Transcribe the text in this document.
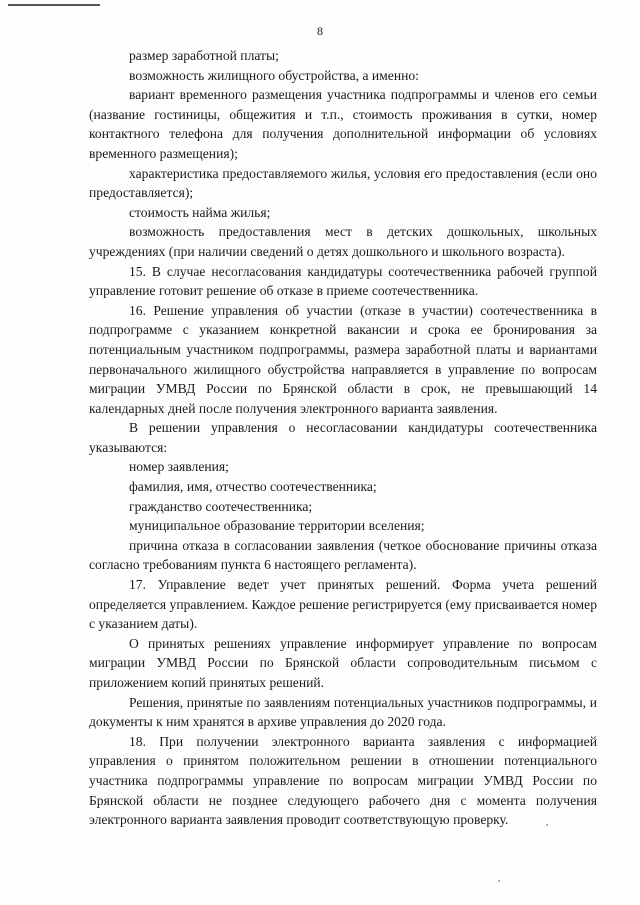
8

размер заработной платы;

возможность жилищного обустройства, а именно:

вариант временного размещения участника подпрограммы и членов его семьи (название гостиницы, общежития и т.п., стоимость проживания в сутки, номер контактного телефона для получения дополнительной информации об условиях временного размещения);

характеристика предоставляемого жилья, условия его предоставления (если оно предоставляется);

стоимость найма жилья;

возможность предоставления мест в детских дошкольных, школьных учреждениях (при наличии сведений о детях дошкольного и школьного возраста).

15. В случае несогласования кандидатуры соотечественника рабочей группой управление готовит решение об отказе в приеме соотечественника.

16. Решение управления об участии (отказе в участии) соотечественника в подпрограмме с указанием конкретной вакансии и срока ее бронирования за потенциальным участником подпрограммы, размера заработной платы и вариантами первоначального жилищного обустройства направляется в управление по вопросам миграции УМВД России по Брянской области в срок, не превышающий 14 календарных дней после получения электронного варианта заявления.

В решении управления о несогласовании кандидатуры соотечественника указываются:

номер заявления;

фамилия, имя, отчество соотечественника;

гражданство соотечественника;

муниципальное образование территории вселения;

причина отказа в согласовании заявления (четкое обоснование причины отказа согласно требованиям пункта 6 настоящего регламента).

17. Управление ведет учет принятых решений. Форма учета решений определяется управлением. Каждое решение регистрируется (ему присваивается номер с указанием даты).

О принятых решениях управление информирует управление по вопросам миграции УМВД России по Брянской области сопроводительным письмом с приложением копий принятых решений.

Решения, принятые по заявлениям потенциальных участников подпрограммы, и документы к ним хранятся в архиве управления до 2020 года.

18. При получении электронного варианта заявления с информацией управления о принятом положительном решении в отношении потенциального участника подпрограммы управление по вопросам миграции УМВД России по Брянской области не позднее следующего рабочего дня с момента получения электронного варианта заявления проводит соответствующую проверку.
